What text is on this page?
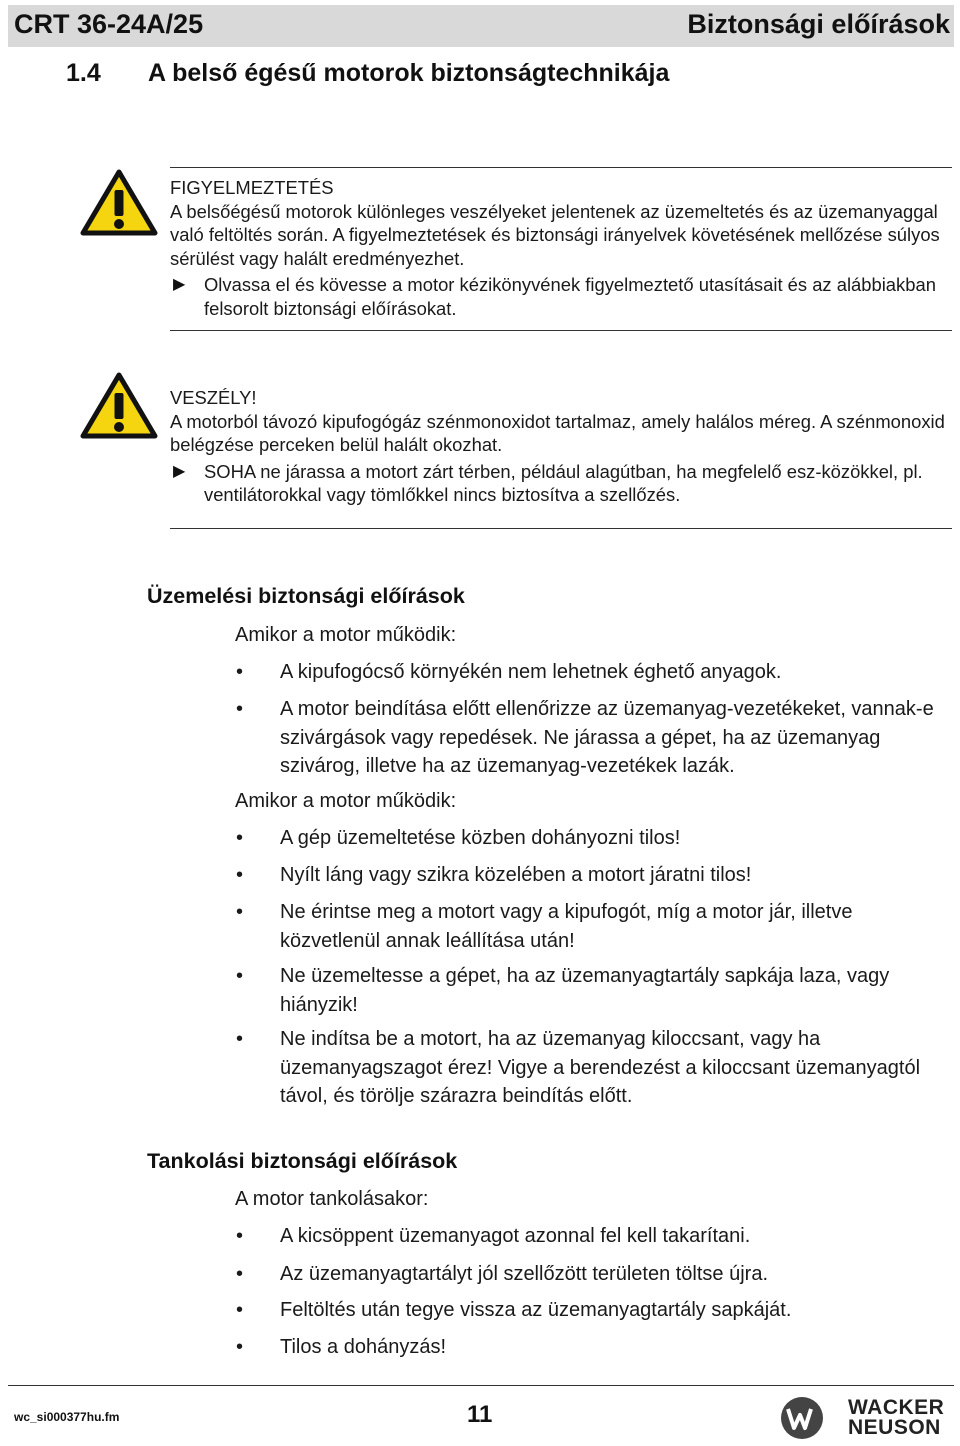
CRT 36-24A/25	Biztonsági előírások
1.4 A belső égésű motorok biztonságtechnikája
FIGYELMEZTETÉS
A belsőégésű motorok különleges veszélyeket jelentenek az üzemeltetés és az üzemanyaggal való feltöltés során. A figyelmeztetések és biztonsági irányelvek követésének mellőzése súlyos sérülést vagy halált eredményezhet.
▶ Olvassa el és kövesse a motor kézikönyvének figyelmeztető utasításait és az alábbiakban felsorolt biztonsági előírásokat.
VESZÉLY!
A motorból távozó kipufogógáz szénmonoxidot tartalmaz, amely halálos méreg. A szénmonoxid belégzése perceken belül halált okozhat.
▶ SOHA ne járassa a motort zárt térben, például alagútban, ha megfelelő esz-közökkel, pl. ventilátorokkal vagy tömlőkkel nincs biztosítva a szellőzés.
Üzemelési biztonsági előírások
Amikor a motor működik:
• A kipufogócső környékén nem lehetnek éghető anyagok.
• A motor beindítása előtt ellenőrizze az üzemanyag-vezetékeket, vannak-e szivárgások vagy repedések. Ne járassa a gépet, ha az üzemanyag szivárog, illetve ha az üzemanyag-vezetékek lazák.
Amikor a motor működik:
• A gép üzemeltetése közben dohányozni tilos!
• Nyílt láng vagy szikra közelében a motort járatni tilos!
• Ne érintse meg a motort vagy a kipufogót, míg a motor jár, illetve közvetlenül annak leállítása után!
• Ne üzemeltesse a gépet, ha az üzemanyagtartály sapkája laza, vagy hiányzik!
• Ne indítsa be a motort, ha az üzemanyag kiloccsant, vagy ha üzemanyagszagot érez! Vigye a berendezést a kiloccsant üzemanyagtól távol, és törölje szárazra beindítás előtt.
Tankolási biztonsági előírások
A motor tankolásakor:
• A kicsöppent üzemanyagot azonnal fel kell takarítani.
• Az üzemanyagtartályt jól szellőzött területen töltse újra.
• Feltöltés után tegye vissza az üzemanyagtartály sapkáját.
• Tilos a dohányzás!
wc_si000377hu.fm	11	WACKER
NEUSON
